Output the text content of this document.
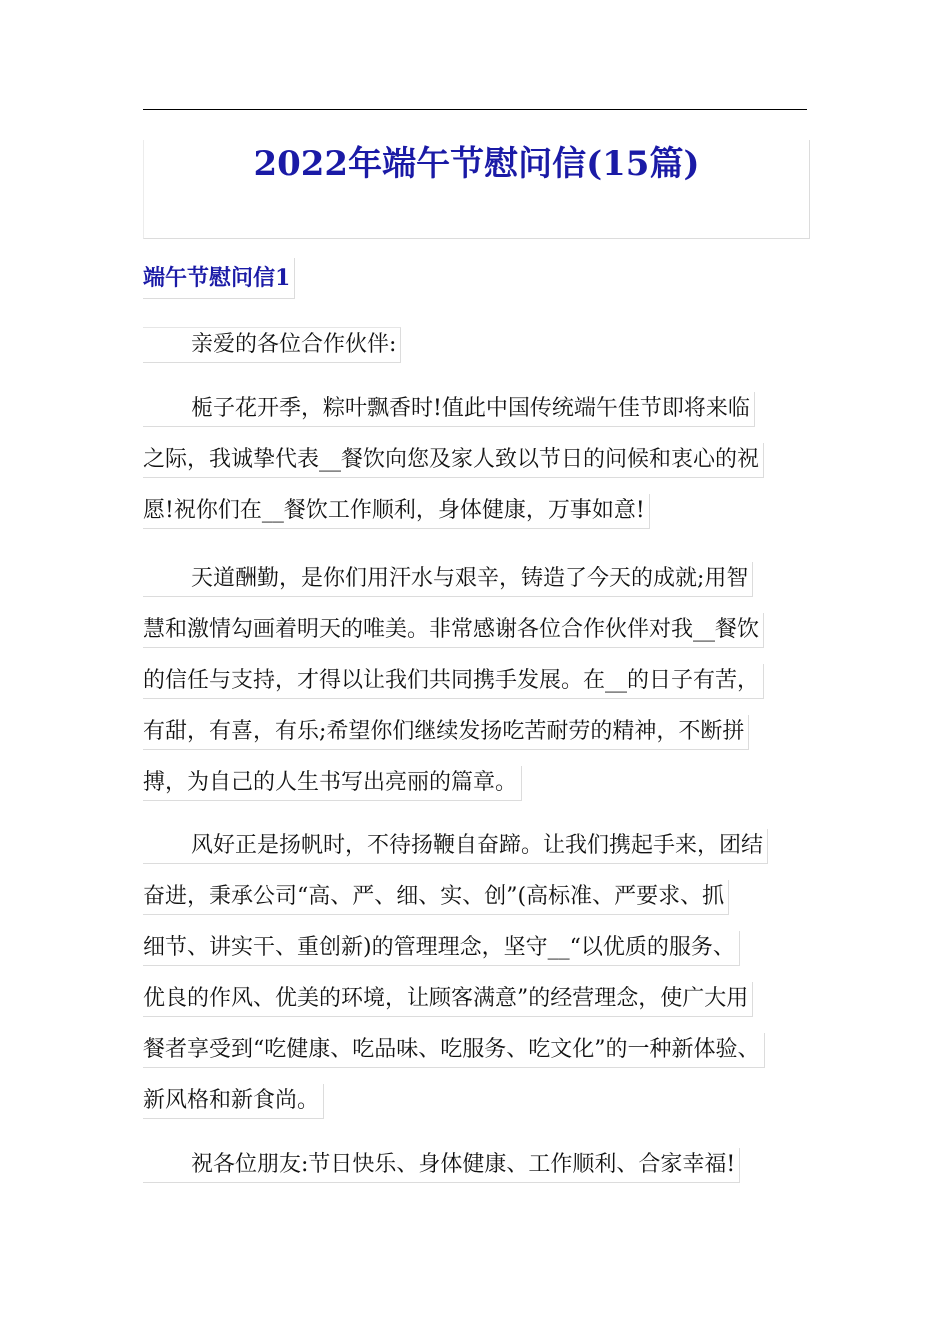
2022年端午节慰问信(15篇)
端午节慰问信1
亲爱的各位合作伙伴:
栀子花开季，粽叶飘香时!值此中国传统端午佳节即将来临
之际，我诚挚代表__餐饮向您及家人致以节日的问候和衷心的祝
愿!祝你们在__餐饮工作顺利，身体健康，万事如意!
天道酬勤，是你们用汗水与艰辛，铸造了今天的成就;用智
慧和激情勾画着明天的唯美。非常感谢各位合作伙伴对我__餐饮
的信任与支持，才得以让我们共同携手发展。在__的日子有苦，
有甜，有喜，有乐;希望你们继续发扬吃苦耐劳的精神，不断拼
搏，为自己的人生书写出亮丽的篇章。
风好正是扬帆时，不待扬鞭自奋蹄。让我们携起手来，团结
奋进，秉承公司“高、严、细、实、创”(高标准、严要求、抓
细节、讲实干、重创新)的管理理念，坚守__“以优质的服务、
优良的作风、优美的环境，让顾客满意”的经营理念，使广大用
餐者享受到“吃健康、吃品味、吃服务、吃文化”的一种新体验、
新风格和新食尚。
祝各位朋友:节日快乐、身体健康、工作顺利、合家幸福!
